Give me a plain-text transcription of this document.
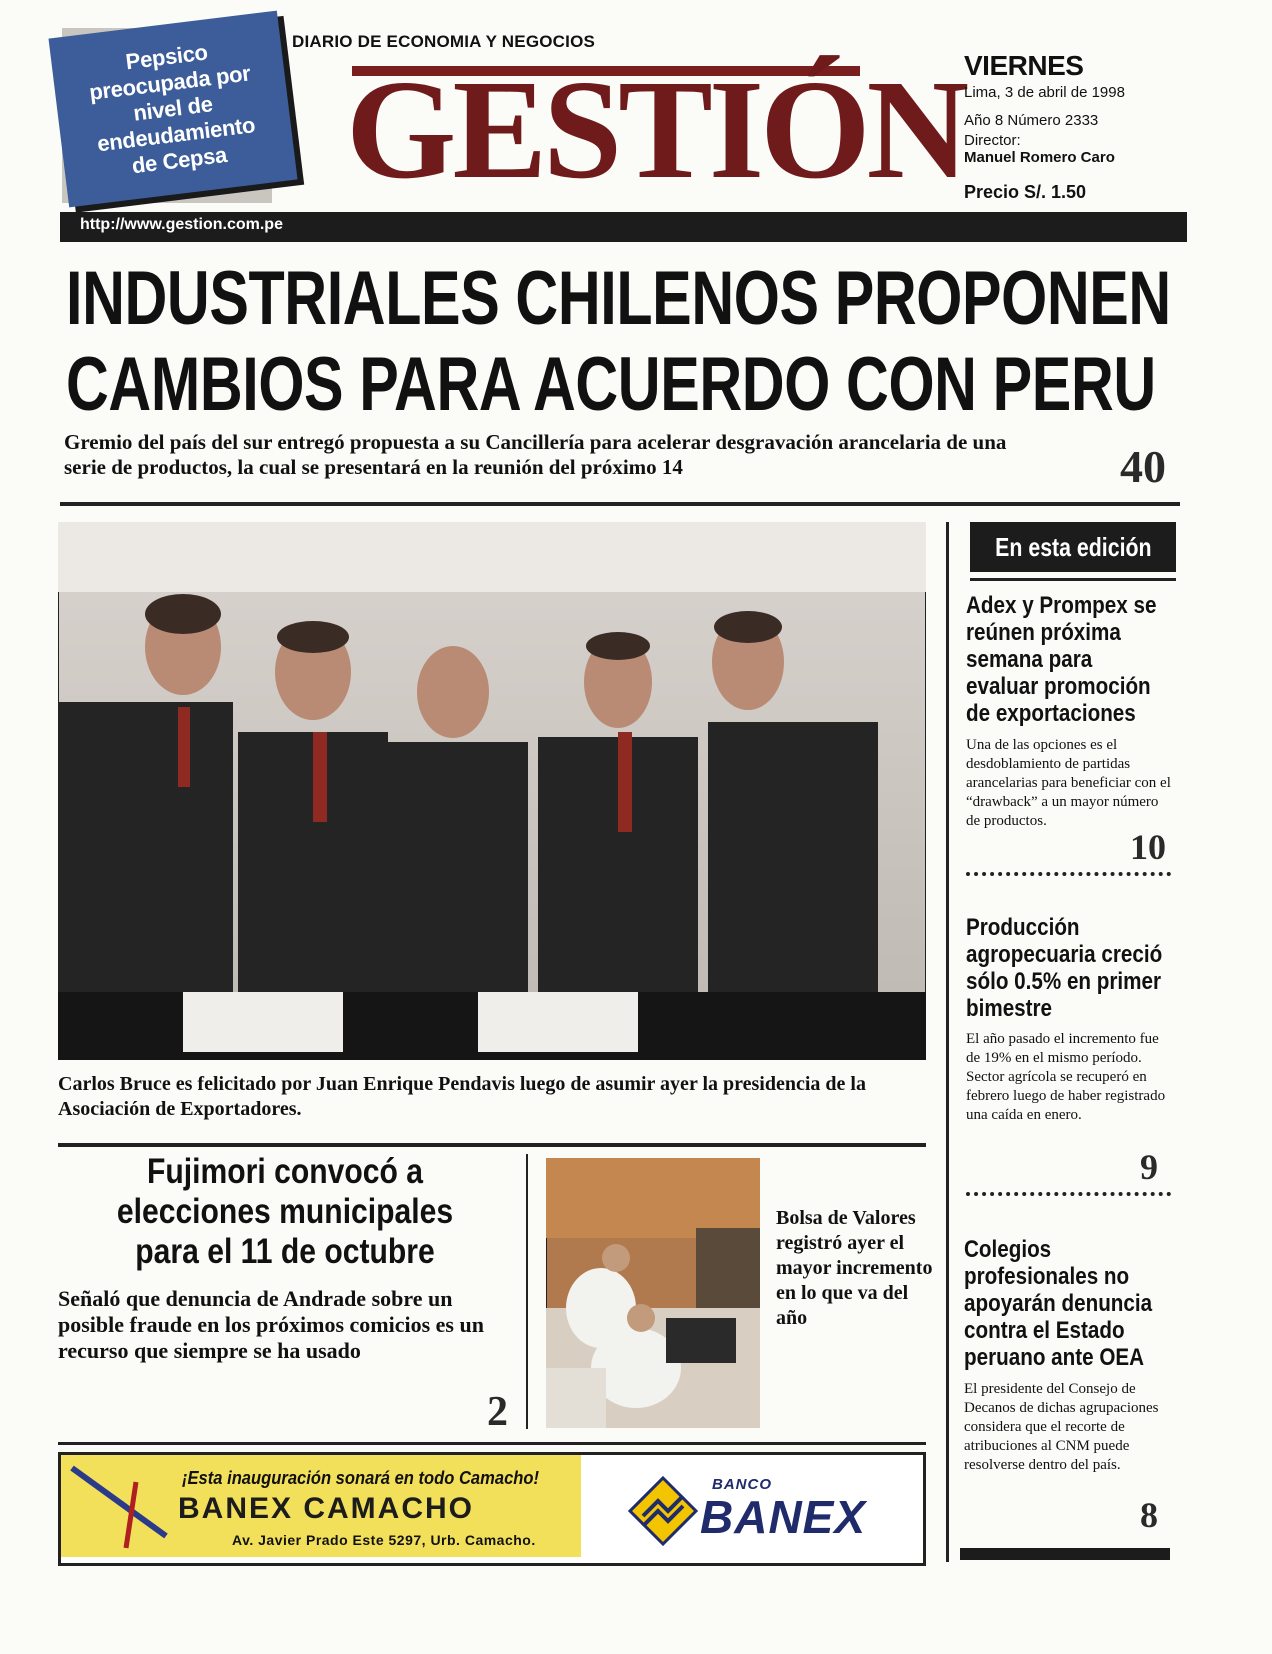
Pepsico preocupada por nivel de endeudamiento de Cepsa
DIARIO DE ECONOMIA Y NEGOCIOS
GESTIÓN
VIERNES
Lima, 3 de abril de 1998
Año 8 Número 2333
Director:
Manuel Romero Caro
Precio S/. 1.50
http://www.gestion.com.pe
INDUSTRIALES CHILENOS PROPONEN
CAMBIOS PARA ACUERDO CON PERU
Gremio del país del sur entregó propuesta a su Cancillería para acelerar desgravación arancelaria de una serie de productos, la cual se presentará en la reunión del próximo 14	40
Carlos Bruce es felicitado por Juan Enrique Pendavis luego de asumir ayer la presidencia de la Asociación de Exportadores.
En esta edición
Adex y Prompex se reúnen próxima semana para evaluar promoción de exportaciones
Una de las opciones es el desdoblamiento de partidas arancelarias para beneficiar con el “drawback” a un mayor número de productos.
10
Producción agropecuaria creció sólo 0.5% en primer bimestre
El año pasado el incremento fue de 19% en el mismo período. Sector agrícola se recuperó en febrero luego de haber registrado una caída en enero.
9
Colegios profesionales no apoyarán denuncia contra el Estado peruano ante OEA
El presidente del Consejo de Decanos de dichas agrupaciones considera que el recorte de atribuciones al CNM puede resolverse dentro del país.
8
Fujimori convocó a elecciones municipales para el 11 de octubre
Señaló que denuncia de Andrade sobre un posible fraude en los próximos comicios es un recurso que siempre se ha usado
2
Bolsa de Valores registró ayer el mayor incremento en lo que va del año
¡Esta inauguración sonará en todo Camacho!
BANEX CAMACHO
Av. Javier Prado Este 5297, Urb. Camacho.
BANCO
BANEX
